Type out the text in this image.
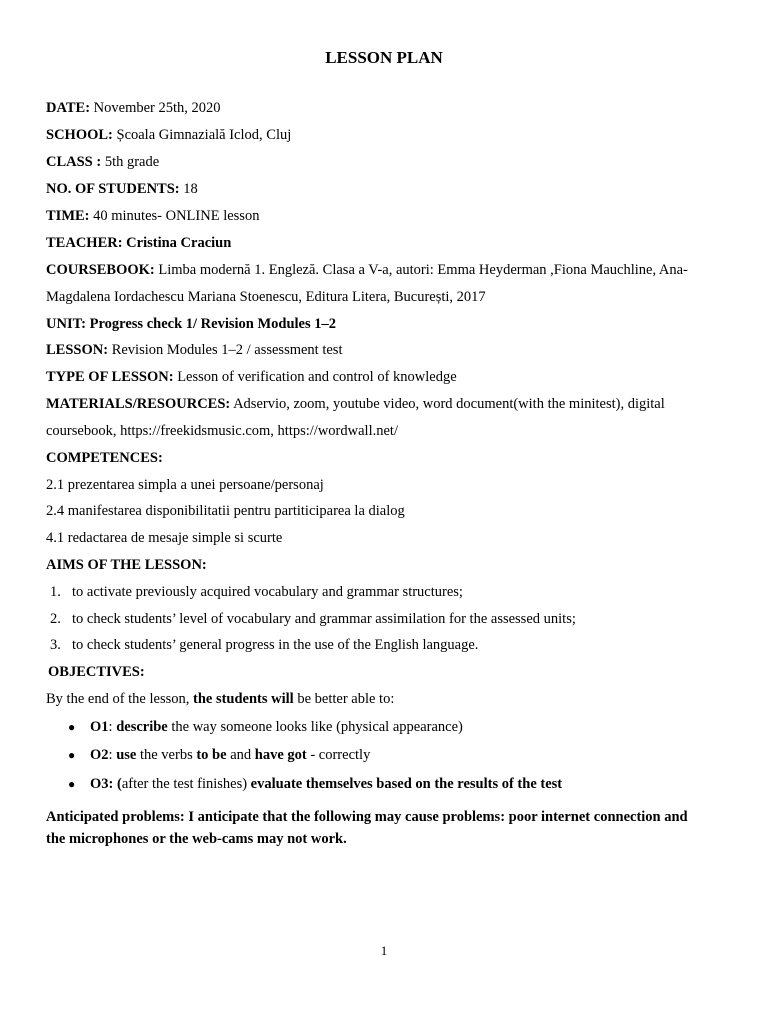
LESSON PLAN
DATE: November 25th, 2020
SCHOOL: Școala Gimnazială Iclod, Cluj
CLASS : 5th grade
NO. OF STUDENTS: 18
TIME: 40 minutes- ONLINE lesson
TEACHER: Cristina Craciun
COURSEBOOK: Limba modernă 1. Engleză. Clasa a V-a, autori: Emma Heyderman ,Fiona Mauchline, Ana-
Magdalena Iordachescu Mariana Stoenescu, Editura Litera, București, 2017
UNIT: Progress check 1/ Revision Modules 1–2
LESSON: Revision Modules 1–2 / assessment test
TYPE OF LESSON: Lesson of verification and control of knowledge
MATERIALS/RESOURCES: Adservio, zoom, youtube video, word document(with the minitest), digital
coursebook, https://freekidsmusic.com, https://wordwall.net/
COMPETENCES:
2.1 prezentarea simpla a unei persoane/personaj
2.4 manifestarea disponibilitatii pentru partiticiparea la dialog
4.1 redactarea de mesaje simple si scurte
AIMS OF THE LESSON:
1. to activate previously acquired vocabulary and grammar structures;
2. to check students’ level of vocabulary and grammar assimilation for the assessed units;
3. to check students’ general progress in the use of the English language.
OBJECTIVES:
By the end of the lesson, the students will be better able to:
● O1: describe the way someone looks like (physical appearance)
● O2: use the verbs to be and have got - correctly
● O3: (after the test finishes) evaluate themselves based on the results of the test
Anticipated problems: I anticipate that the following may cause problems: poor internet connection and
the microphones or the web-cams may not work.
1
